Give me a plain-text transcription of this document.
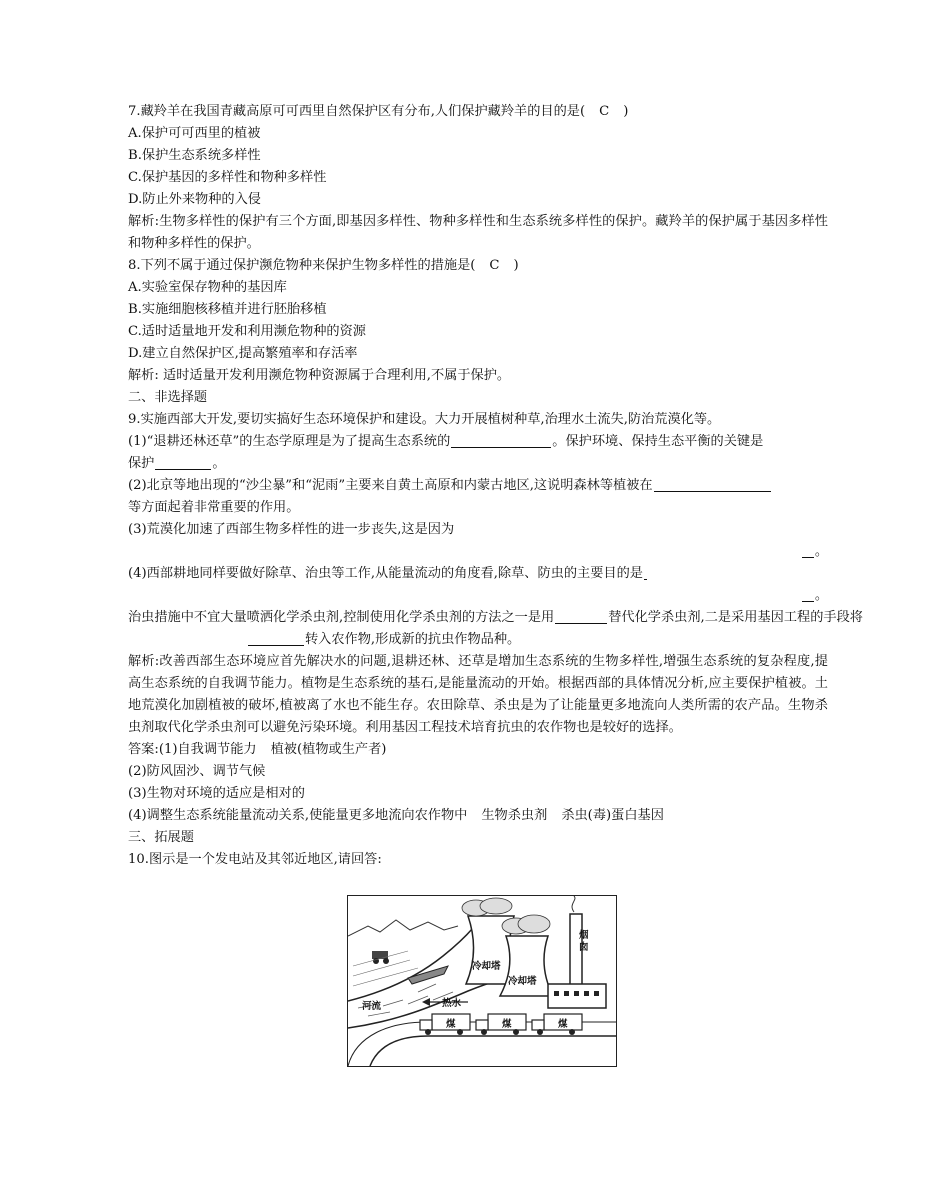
7.藏羚羊在我国青藏高原可可西里自然保护区有分布,人们保护藏羚羊的目的是( C )
A.保护可可西里的植被
B.保护生态系统多样性
C.保护基因的多样性和物种多样性
D.防止外来物种的入侵
解析:生物多样性的保护有三个方面,即基因多样性、物种多样性和生态系统多样性的保护。藏羚羊的保护属于基因多样性和物种多样性的保护。
8.下列不属于通过保护濒危物种来保护生物多样性的措施是( C )
A.实验室保存物种的基因库
B.实施细胞核移植并进行胚胎移植
C.适时适量地开发和利用濒危物种的资源
D.建立自然保护区,提高繁殖率和存活率
解析: 适时适量开发利用濒危物种资源属于合理利用,不属于保护。
二、非选择题
9.实施西部大开发,要切实搞好生态环境保护和建设。大力开展植树种草,治理水土流失,防治荒漠化等。
(1)“退耕还林还草”的生态学原理是为了提高生态系统的	。保护环境、保持生态平衡的关键是
保护	。
(2)北京等地出现的“沙尘暴”和“泥雨”主要来自黄土高原和内蒙古地区,这说明森林等植被在
等方面起着非常重要的作用。
(3)荒漠化加速了西部生物多样性的进一步丧失,这是因为
。
(4)西部耕地同样要做好除草、治虫等工作,从能量流动的角度看,除草、防虫的主要目的是
。
治虫措施中不宜大量喷洒化学杀虫剂,控制使用化学杀虫剂的方法之一是用	替代化学杀虫剂,二是采用基因工程的手段将
转入农作物,形成新的抗虫作物品种。
解析:改善西部生态环境应首先解决水的问题,退耕还林、还草是增加生态系统的生物多样性,增强生态系统的复杂程度,提高生态系统的自我调节能力。植物是生态系统的基石,是能量流动的开始。根据西部的具体情况分析,应主要保护植被。土地荒漠化加剧植被的破坏,植被离了水也不能生存。农田除草、杀虫是为了让能量更多地流向人类所需的农产品。生物杀虫剂取代化学杀虫剂可以避免污染环境。利用基因工程技术培育抗虫的农作物也是较好的选择。
答案:(1)自我调节能力 植被(植物或生产者)
(2)防风固沙、调节气候
(3)生物对环境的适应是相对的
(4)调整生态系统能量流动关系,使能量更多地流向农作物中 生物杀虫剂 杀虫(毒)蛋白基因
三、拓展题
10.图示是一个发电站及其邻近地区,请回答:
烟囱
冷却塔
冷却塔
热水
河流
煤	煤	煤
